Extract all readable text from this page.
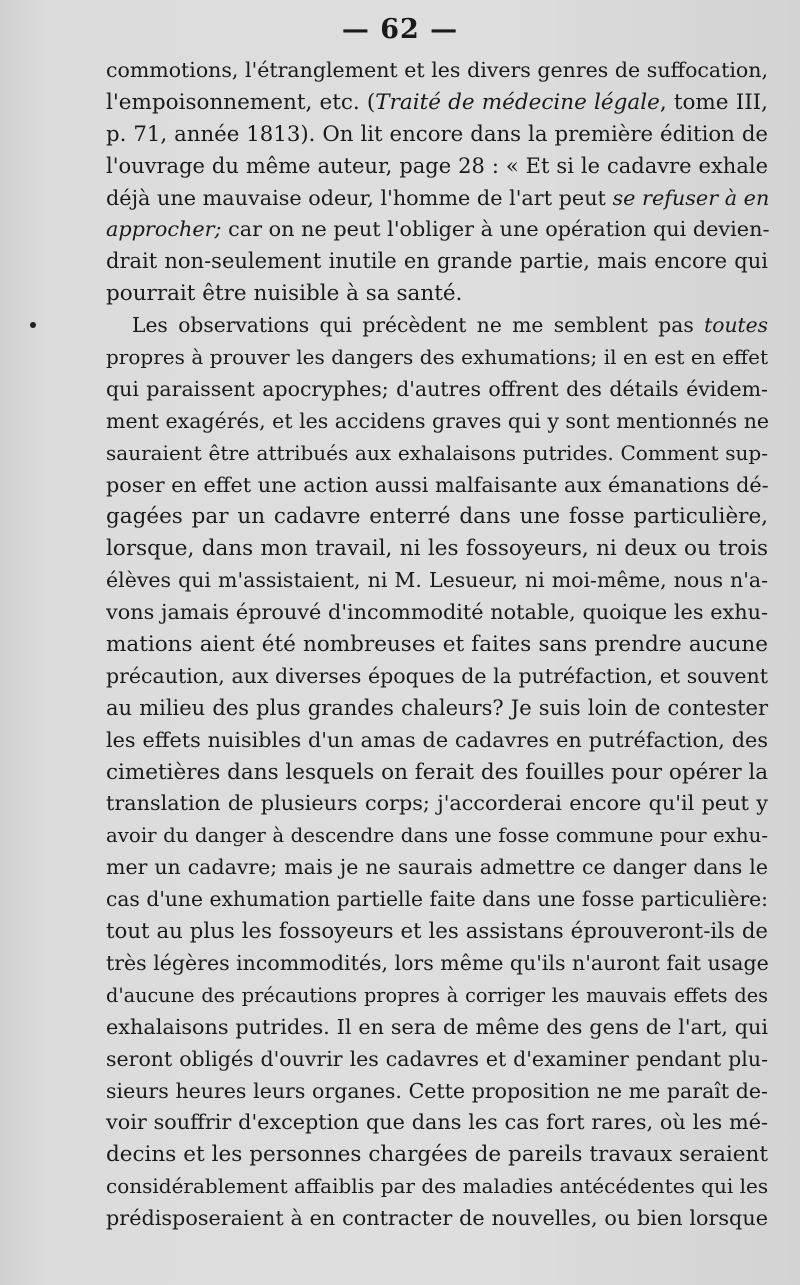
— 62 —
commotions, l'étranglement et les divers genres de suffocation,
l'empoisonnement, etc. (Traité de médecine légale, tome III,
p. 71, année 1813). On lit encore dans la première édition de
l'ouvrage du même auteur, page 28 : « Et si le cadavre exhale
déjà une mauvaise odeur, l'homme de l'art peut se refuser à en
approcher; car on ne peut l'obliger à une opération qui devien-
drait non-seulement inutile en grande partie, mais encore qui
pourrait être nuisible à sa santé.
Les observations qui précèdent ne me semblent pas toutes
propres à prouver les dangers des exhumations; il en est en effet
qui paraissent apocryphes; d'autres offrent des détails évidem-
ment exagérés, et les accidens graves qui y sont mentionnés ne
sauraient être attribués aux exhalaisons putrides. Comment sup-
poser en effet une action aussi malfaisante aux émanations dé-
gagées par un cadavre enterré dans une fosse particulière,
lorsque, dans mon travail, ni les fossoyeurs, ni deux ou trois
élèves qui m'assistaient, ni M. Lesueur, ni moi-même, nous n'a-
vons jamais éprouvé d'incommodité notable, quoique les exhu-
mations aient été nombreuses et faites sans prendre aucune
précaution, aux diverses époques de la putréfaction, et souvent
au milieu des plus grandes chaleurs? Je suis loin de contester
les effets nuisibles d'un amas de cadavres en putréfaction, des
cimetières dans lesquels on ferait des fouilles pour opérer la
translation de plusieurs corps; j'accorderai encore qu'il peut y
avoir du danger à descendre dans une fosse commune pour exhu-
mer un cadavre; mais je ne saurais admettre ce danger dans le
cas d'une exhumation partielle faite dans une fosse particulière:
tout au plus les fossoyeurs et les assistans éprouveront-ils de
très légères incommodités, lors même qu'ils n'auront fait usage
d'aucune des précautions propres à corriger les mauvais effets des
exhalaisons putrides. Il en sera de même des gens de l'art, qui
seront obligés d'ouvrir les cadavres et d'examiner pendant plu-
sieurs heures leurs organes. Cette proposition ne me paraît de-
voir souffrir d'exception que dans les cas fort rares, où les mé-
decins et les personnes chargées de pareils travaux seraient
considérablement affaiblis par des maladies antécédentes qui les
prédisposeraient à en contracter de nouvelles, ou bien lorsque
